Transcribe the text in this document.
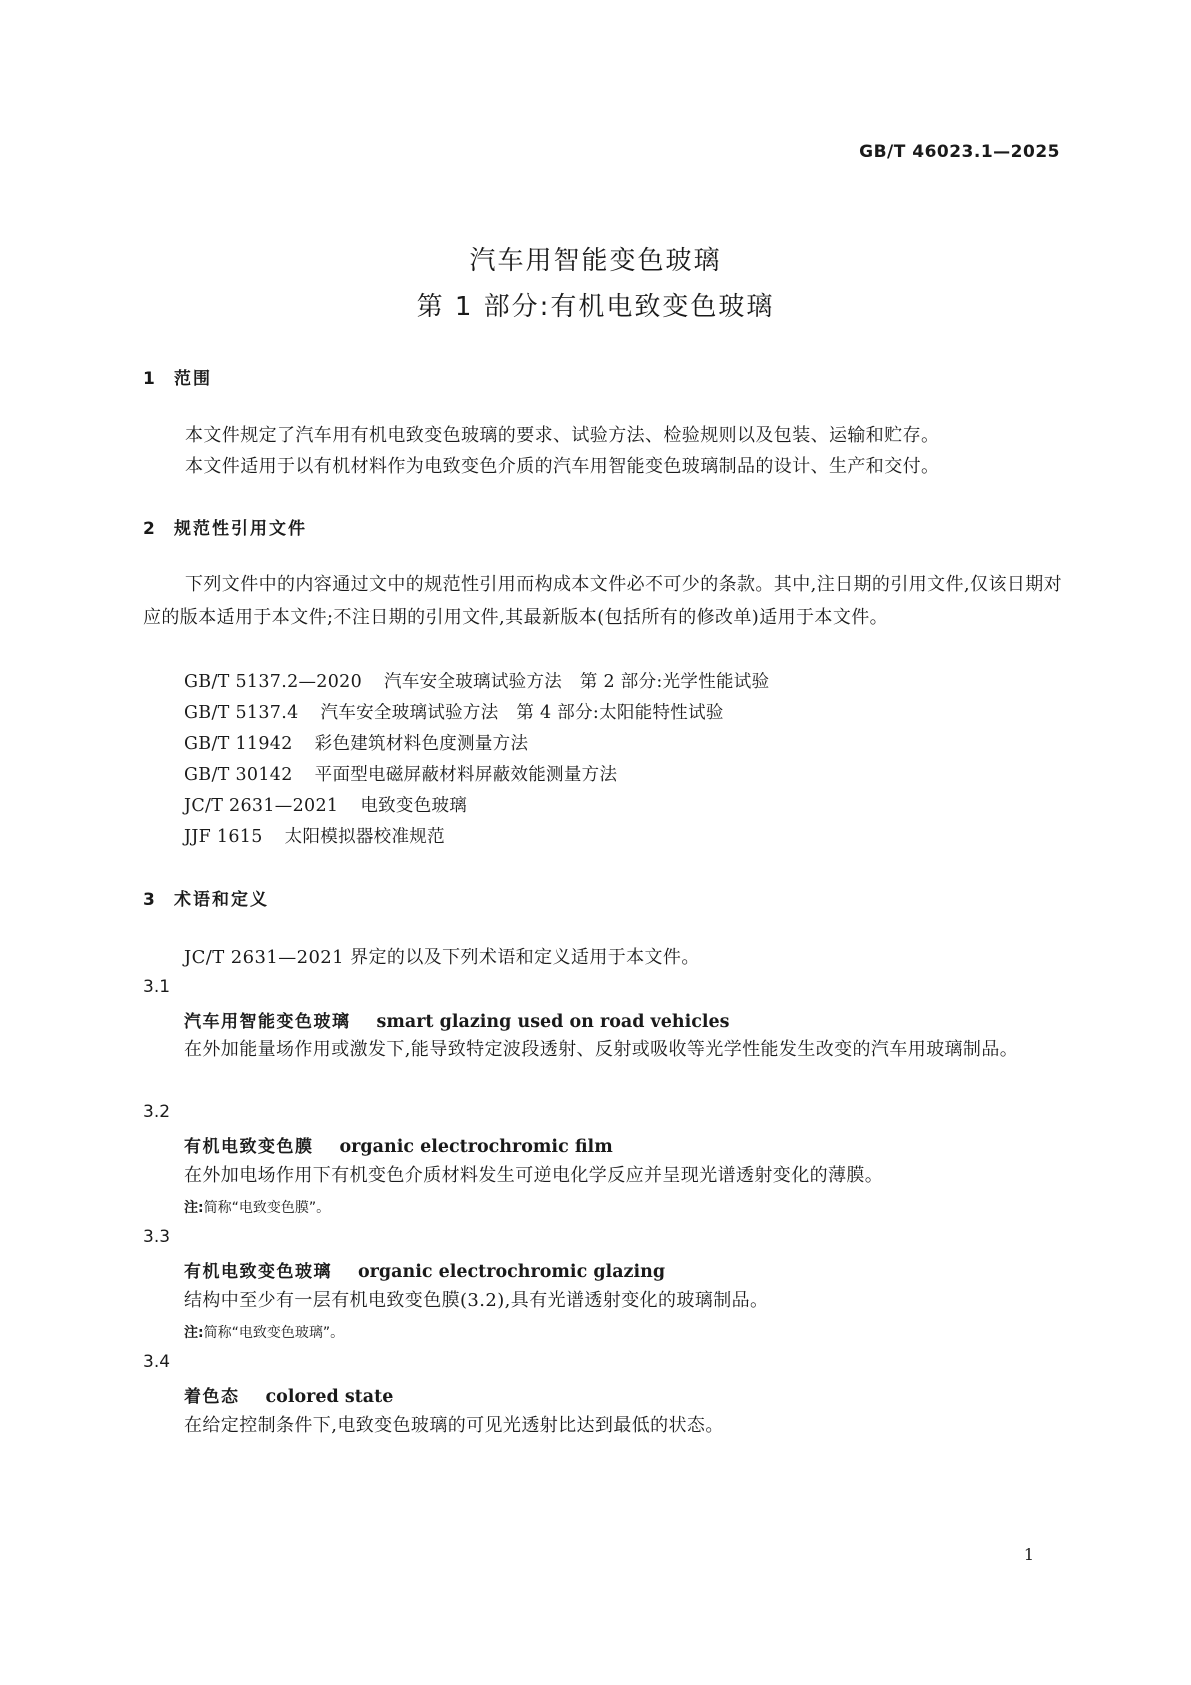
GB/T 46023.1—2025
汽车用智能变色玻璃
第 1 部分:有机电致变色玻璃
1 范围
本文件规定了汽车用有机电致变色玻璃的要求、试验方法、检验规则以及包装、运输和贮存。
本文件适用于以有机材料作为电致变色介质的汽车用智能变色玻璃制品的设计、生产和交付。
2 规范性引用文件
下列文件中的内容通过文中的规范性引用而构成本文件必不可少的条款。其中,注日期的引用文件,仅该日期对应的版本适用于本文件;不注日期的引用文件,其最新版本(包括所有的修改单)适用于本文件。
GB/T 5137.2—2020 汽车安全玻璃试验方法　第 2 部分:光学性能试验
GB/T 5137.4 汽车安全玻璃试验方法　第 4 部分:太阳能特性试验
GB/T 11942 彩色建筑材料色度测量方法
GB/T 30142 平面型电磁屏蔽材料屏蔽效能测量方法
JC/T 2631—2021 电致变色玻璃
JJF 1615 太阳模拟器校准规范
3 术语和定义
JC/T 2631—2021 界定的以及下列术语和定义适用于本文件。
3.1
汽车用智能变色玻璃 smart glazing used on road vehicles
在外加能量场作用或激发下,能导致特定波段透射、反射或吸收等光学性能发生改变的汽车用玻璃制品。
3.2
有机电致变色膜 organic electrochromic film
在外加电场作用下有机变色介质材料发生可逆电化学反应并呈现光谱透射变化的薄膜。
注:简称“电致变色膜”。
3.3
有机电致变色玻璃 organic electrochromic glazing
结构中至少有一层有机电致变色膜(3.2),具有光谱透射变化的玻璃制品。
注:简称“电致变色玻璃”。
3.4
着色态 colored state
在给定控制条件下,电致变色玻璃的可见光透射比达到最低的状态。
1
